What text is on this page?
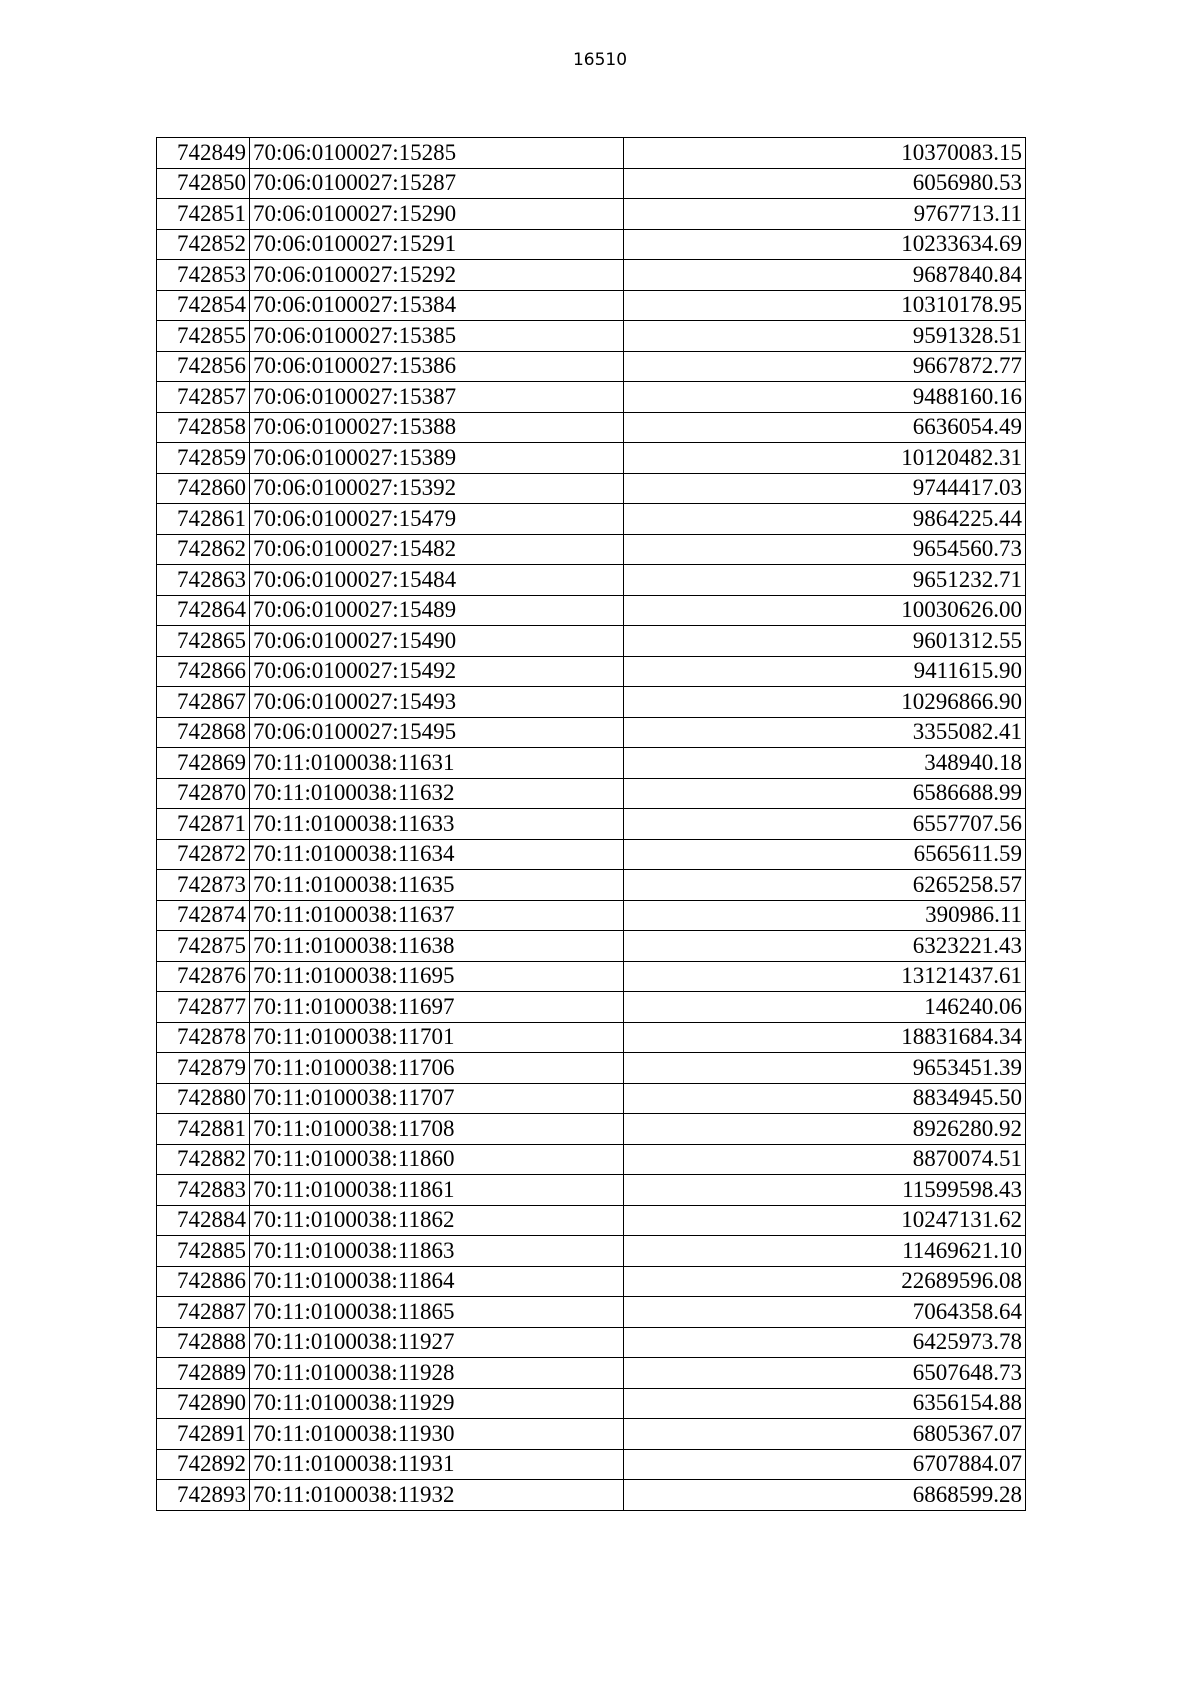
16510
742849	70:06:0100027:15285	10370083.15
742850	70:06:0100027:15287	6056980.53
742851	70:06:0100027:15290	9767713.11
742852	70:06:0100027:15291	10233634.69
742853	70:06:0100027:15292	9687840.84
742854	70:06:0100027:15384	10310178.95
742855	70:06:0100027:15385	9591328.51
742856	70:06:0100027:15386	9667872.77
742857	70:06:0100027:15387	9488160.16
742858	70:06:0100027:15388	6636054.49
742859	70:06:0100027:15389	10120482.31
742860	70:06:0100027:15392	9744417.03
742861	70:06:0100027:15479	9864225.44
742862	70:06:0100027:15482	9654560.73
742863	70:06:0100027:15484	9651232.71
742864	70:06:0100027:15489	10030626.00
742865	70:06:0100027:15490	9601312.55
742866	70:06:0100027:15492	9411615.90
742867	70:06:0100027:15493	10296866.90
742868	70:06:0100027:15495	3355082.41
742869	70:11:0100038:11631	348940.18
742870	70:11:0100038:11632	6586688.99
742871	70:11:0100038:11633	6557707.56
742872	70:11:0100038:11634	6565611.59
742873	70:11:0100038:11635	6265258.57
742874	70:11:0100038:11637	390986.11
742875	70:11:0100038:11638	6323221.43
742876	70:11:0100038:11695	13121437.61
742877	70:11:0100038:11697	146240.06
742878	70:11:0100038:11701	18831684.34
742879	70:11:0100038:11706	9653451.39
742880	70:11:0100038:11707	8834945.50
742881	70:11:0100038:11708	8926280.92
742882	70:11:0100038:11860	8870074.51
742883	70:11:0100038:11861	11599598.43
742884	70:11:0100038:11862	10247131.62
742885	70:11:0100038:11863	11469621.10
742886	70:11:0100038:11864	22689596.08
742887	70:11:0100038:11865	7064358.64
742888	70:11:0100038:11927	6425973.78
742889	70:11:0100038:11928	6507648.73
742890	70:11:0100038:11929	6356154.88
742891	70:11:0100038:11930	6805367.07
742892	70:11:0100038:11931	6707884.07
742893	70:11:0100038:11932	6868599.28
